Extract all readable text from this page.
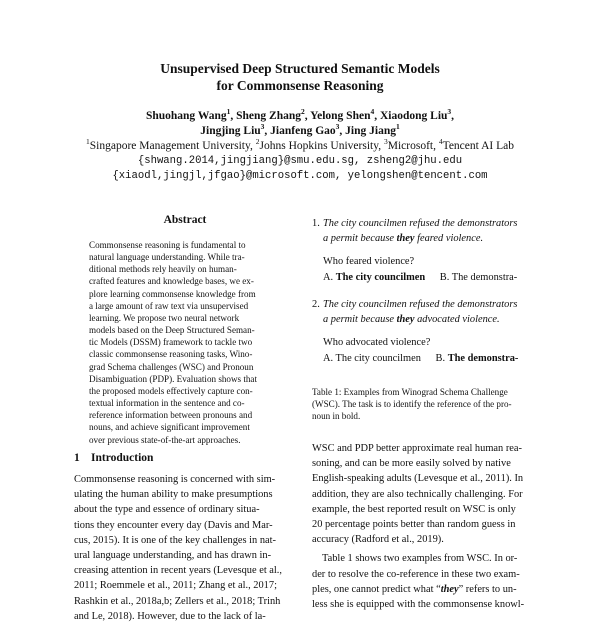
Unsupervised Deep Structured Semantic Models
for Commonsense Reasoning
Shuohang Wang$^1$, Sheng Zhang$^2$, Yelong Shen$^4$, Xiaodong Liu$^3$,
Jingjing Liu$^3$, Jianfeng Gao$^3$, Jing Jiang$^1$
$^1$Singapore Management University, $^2$Johns Hopkins University, $^3$Microsoft, $^4$Tencent AI Lab
{shwang.2014,jingjiang}@smu.edu.sg, zsheng2@jhu.edu
{xiaodl,jingjl,jfgao}@microsoft.com, yelongshen@tencent.com
Abstract
Commonsense reasoning is fundamental to
natural language understanding. While tra-
ditional methods rely heavily on human-
crafted features and knowledge bases, we ex-
plore learning commonsense knowledge from
a large amount of raw text via unsupervised
learning. We propose two neural network
models based on the Deep Structured Seman-
tic Models (DSSM) framework to tackle two
classic commonsense reasoning tasks, Wino-
grad Schema challenges (WSC) and Pronoun
Disambiguation (PDP). Evaluation shows that
the proposed models effectively capture con-
textual information in the sentence and co-
reference information between pronouns and
nouns, and achieve significant improvement
over previous state-of-the-art approaches.
1 Introduction
Commonsense reasoning is concerned with sim-
ulating the human ability to make presumptions
about the type and essence of ordinary situa-
tions they encounter every day (Davis and Mar-
cus, 2015). It is one of the key challenges in nat-
ural language understanding, and has drawn in-
creasing attention in recent years (Levesque et al.,
2011; Roemmele et al., 2011; Zhang et al., 2017;
Rashkin et al., 2018a,b; Zellers et al., 2018; Trinh
and Le, 2018). However, due to the lack of la-
1. The city councilmen refused the demonstrators
a permit because they feared violence.
Who feared violence?
A. The city councilmen B. The demonstra-
2. The city councilmen refused the demonstrators
a permit because they advocated violence.
Who advocated violence?
A. The city councilmen B. The demonstra-
Table 1: Examples from Winograd Schema Challenge
(WSC). The task is to identify the reference of the pro-
noun in bold.
WSC and PDP better approximate real human rea-
soning, and can be more easily solved by native
English-speaking adults (Levesque et al., 2011). In
addition, they are also technically challenging. For
example, the best reported result on WSC is only
20 percentage points better than random guess in
accuracy (Radford et al., 2019).
Table 1 shows two examples from WSC. In or-
der to resolve the co-reference in these two exam-
ples, one cannot predict what “they” refers to un-
less she is equipped with the commonsense knowl-
